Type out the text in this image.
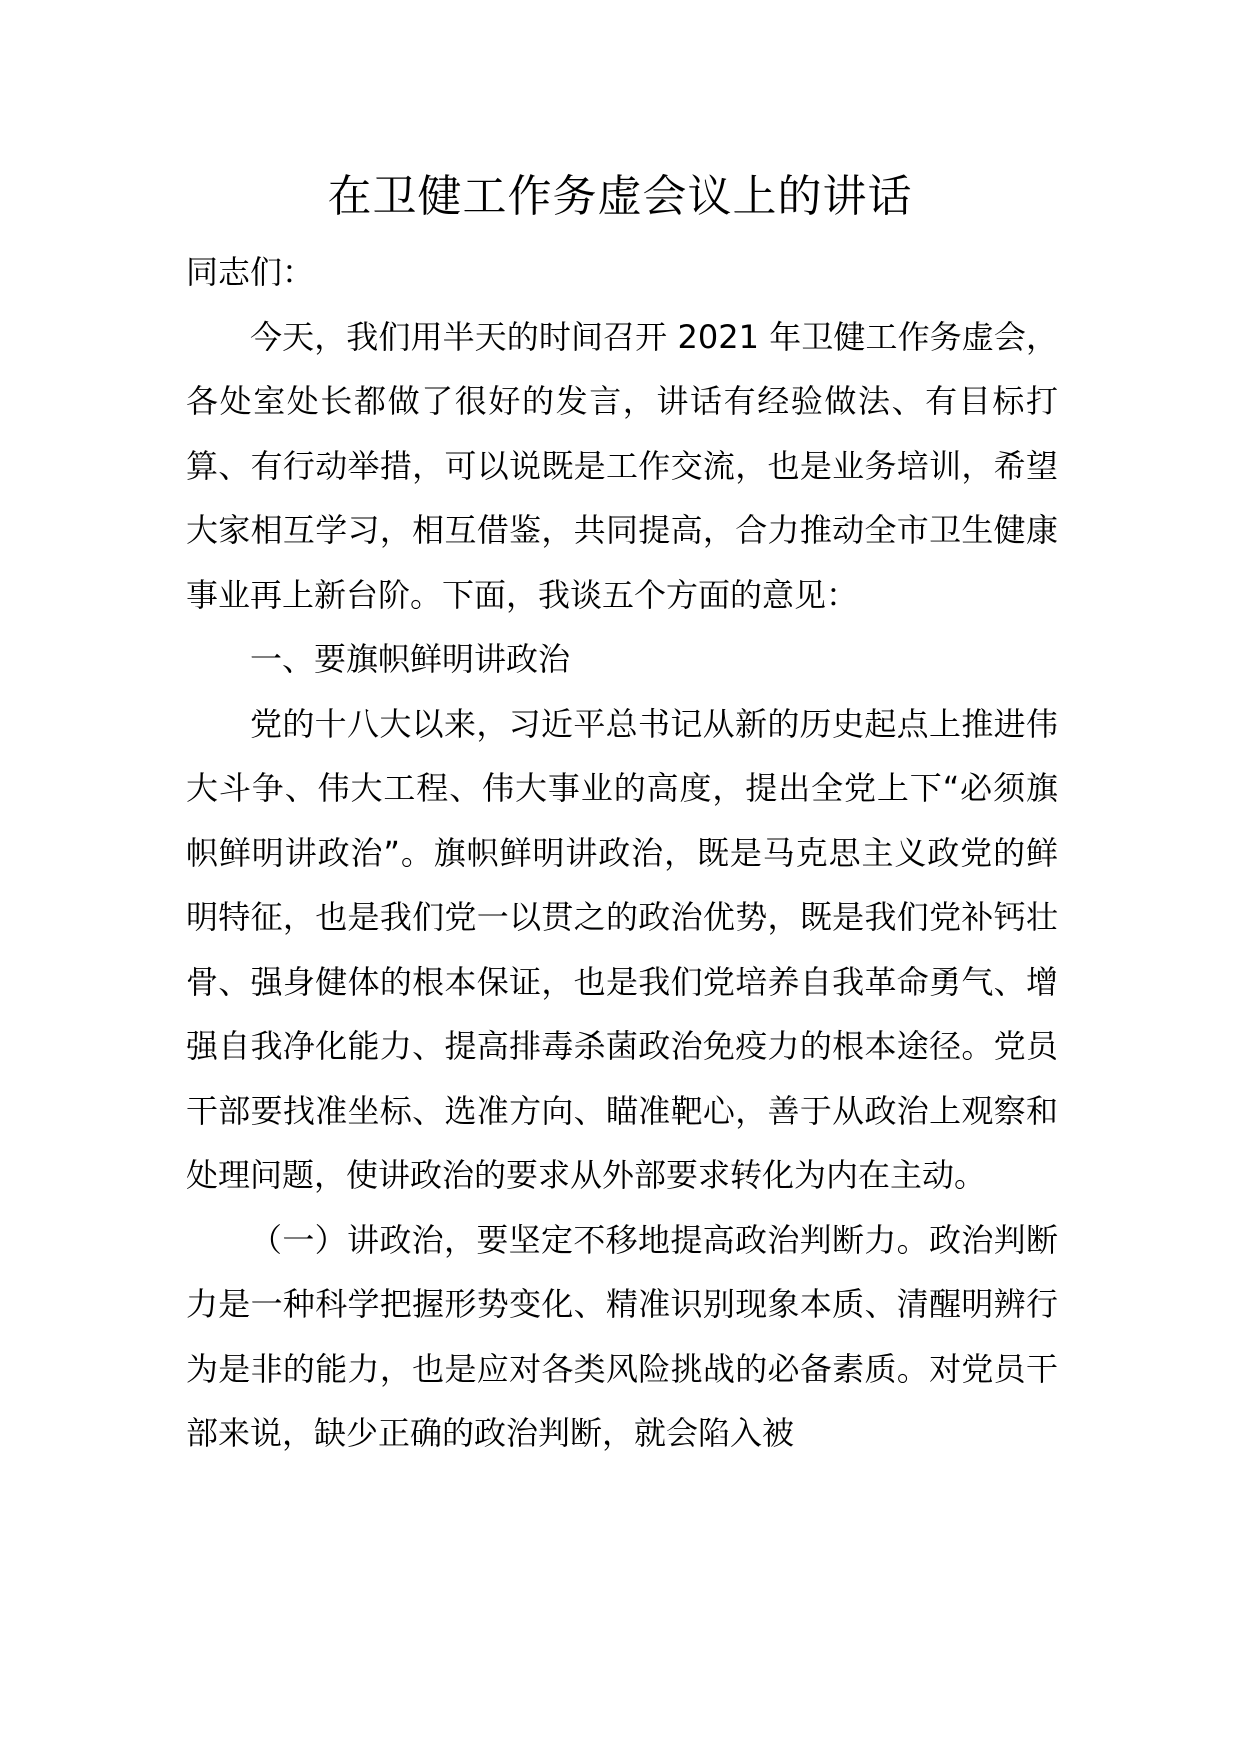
在卫健工作务虚会议上的讲话

同志们：

今天，我们用半天的时间召开 2021 年卫健工作务虚会，各处室处长都做了很好的发言，讲话有经验做法、有目标打算、有行动举措，可以说既是工作交流，也是业务培训，希望大家相互学习，相互借鉴，共同提高，合力推动全市卫生健康事业再上新台阶。下面，我谈五个方面的意见：

一、要旗帜鲜明讲政治

党的十八大以来，习近平总书记从新的历史起点上推进伟大斗争、伟大工程、伟大事业的高度，提出全党上下“必须旗帜鲜明讲政治”。旗帜鲜明讲政治，既是马克思主义政党的鲜明特征，也是我们党一以贯之的政治优势，既是我们党补钙壮骨、强身健体的根本保证，也是我们党培养自我革命勇气、增强自我净化能力、提高排毒杀菌政治免疫力的根本途径。党员干部要找准坐标、选准方向、瞄准靶心，善于从政治上观察和处理问题，使讲政治的要求从外部要求转化为内在主动。

（一）讲政治，要坚定不移地提高政治判断力。政治判断力是一种科学把握形势变化、精准识别现象本质、清醒明辨行为是非的能力，也是应对各类风险挑战的必备素质。对党员干部来说，缺少正确的政治判断，就会陷入被
